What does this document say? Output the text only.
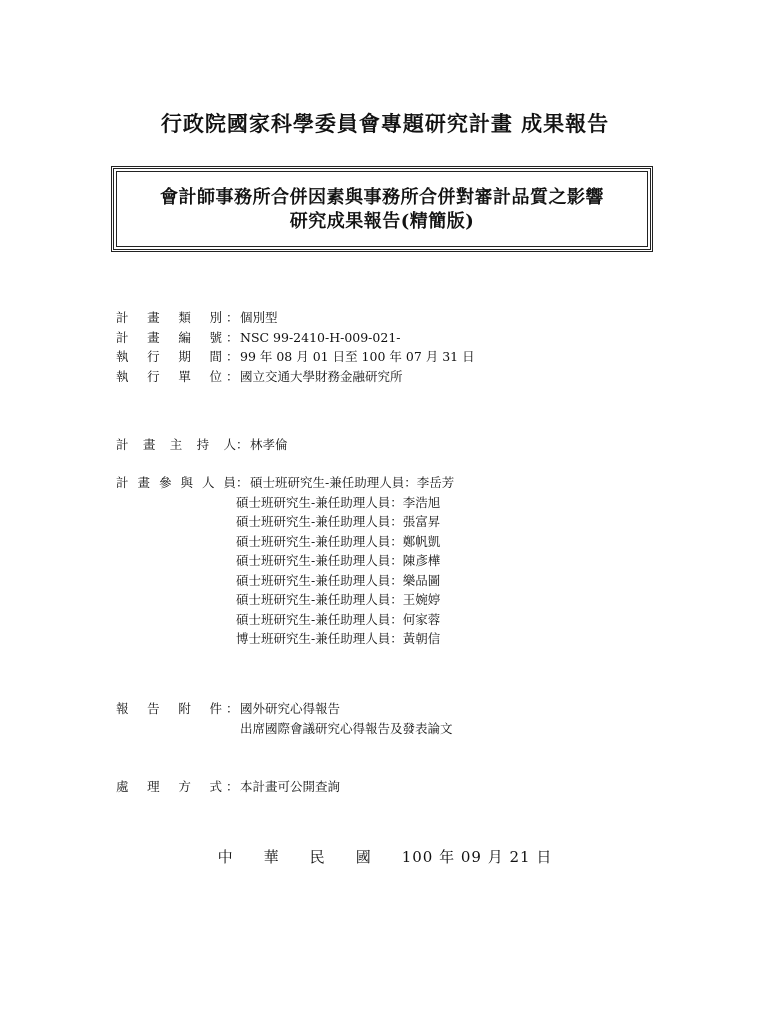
行政院國家科學委員會專題研究計畫 成果報告
會計師事務所合併因素與事務所合併對審計品質之影響
研究成果報告(精簡版)
計 畫 類 別 ： 個別型
計 畫 編 號 ： NSC 99-2410-H-009-021-
執 行 期 間 ： 99 年 08 月 01 日至 100 年 07 月 31 日
執 行 單 位 ： 國立交通大學財務金融研究所
計 畫 主 持 人 ： 林孝倫
計 畫 參 與 人 員 ： 碩士班研究生-兼任助理人員：李岳芳
碩士班研究生-兼任助理人員：李浩旭
碩士班研究生-兼任助理人員：張富昇
碩士班研究生-兼任助理人員：鄭帆凱
碩士班研究生-兼任助理人員：陳彥樺
碩士班研究生-兼任助理人員：樂品圖
碩士班研究生-兼任助理人員：王婉婷
碩士班研究生-兼任助理人員：何家蓉
博士班研究生-兼任助理人員：黃朝信
報 告 附 件 ： 國外研究心得報告
出席國際會議研究心得報告及發表論文
處 理 方 式 ： 本計畫可公開查詢
中 華 民 國 100 年 09 月 21 日
